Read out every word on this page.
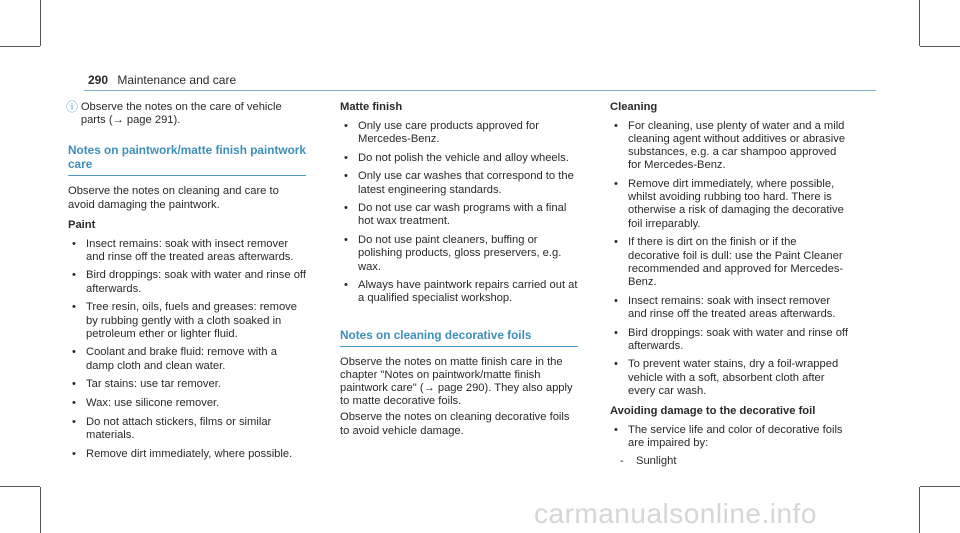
290 Maintenance and care
ⓘ Observe the notes on the care of vehicle parts (→ page 291).
Notes on paintwork/matte finish paintwork care
Observe the notes on cleaning and care to avoid damaging the paintwork.
Paint
• Insect remains: soak with insect remover and rinse off the treated areas afterwards.
• Bird droppings: soak with water and rinse off afterwards.
• Tree resin, oils, fuels and greases: remove by rubbing gently with a cloth soaked in petroleum ether or lighter fluid.
• Coolant and brake fluid: remove with a damp cloth and clean water.
• Tar stains: use tar remover.
• Wax: use silicone remover.
• Do not attach stickers, films or similar materials.
• Remove dirt immediately, where possible.
Matte finish
• Only use care products approved for Mercedes-Benz.
• Do not polish the vehicle and alloy wheels.
• Only use car washes that correspond to the latest engineering standards.
• Do not use car wash programs with a final hot wax treatment.
• Do not use paint cleaners, buffing or polishing products, gloss preservers, e.g. wax.
• Always have paintwork repairs carried out at a qualified specialist workshop.
Notes on cleaning decorative foils
Observe the notes on matte finish care in the chapter "Notes on paintwork/matte finish paintwork care" (→ page 290). They also apply to matte decorative foils.
Observe the notes on cleaning decorative foils to avoid vehicle damage.
Cleaning
• For cleaning, use plenty of water and a mild cleaning agent without additives or abrasive substances, e.g. a car shampoo approved for Mercedes-Benz.
• Remove dirt immediately, where possible, whilst avoiding rubbing too hard. There is otherwise a risk of damaging the decorative foil irreparably.
• If there is dirt on the finish or if the decorative foil is dull: use the Paint Cleaner recommended and approved for Mercedes-Benz.
• Insect remains: soak with insect remover and rinse off the treated areas afterwards.
• Bird droppings: soak with water and rinse off afterwards.
• To prevent water stains, dry a foil-wrapped vehicle with a soft, absorbent cloth after every car wash.
Avoiding damage to the decorative foil
• The service life and color of decorative foils are impaired by:
- Sunlight
carmanualsonline.info
